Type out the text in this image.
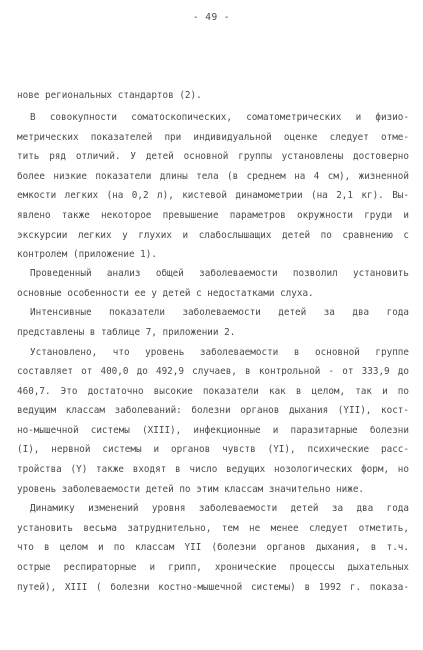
- 49 -
нове региональных стандартов (2).
В совокупности соматоскопических, соматометрических и физио-
метрических показателей при индивидуальной оценке следует отме-
тить ряд отличий. У детей основной группы установлены достоверно
более низкие показатели длины тела (в среднем на 4 см), жизненной
емкости легких (на 0,2 л), кистевой динамометрии (на 2,1 кг). Вы-
явлено также некоторое превышение параметров окружности груди и
экскурсии легких у глухих и слабослышащих детей по сравнению с
контролем (приложение 1).
Проведенный анализ общей заболеваемости позволил установить
основные особенности ее у детей с недостатками слуха.
Интенсивные показатели заболеваемости детей за два года
представлены в таблице 7, приложении 2.
Установлено, что уровень заболеваемости в основной группе
составляет от 400,0 до 492,9 случаев, в контрольной - от 333,9 до
460,7. Это достаточно высокие показатели как в целом, так и по
ведущим классам заболеваний: болезни органов дыхания (YII), кост-
но-мышечной системы (XIII), инфекционные и паразитарные болезни
(I), нервной системы и органов чувств (YI), психические расс-
тройства (Y) также входят в число ведущих нозологических форм, но
уровень заболеваемости детей по этим классам значительно ниже.
Динамику изменений уровня заболеваемости детей за два года
установить весьма затруднительно, тем не менее следует отметить,
что в целом и по классам YII (болезни органов дыхания, в т.ч.
острые респираторные и грипп, хронические процессы дыхательных
путей), XIII ( болезни костно-мышечной системы) в 1992 г. показа-
